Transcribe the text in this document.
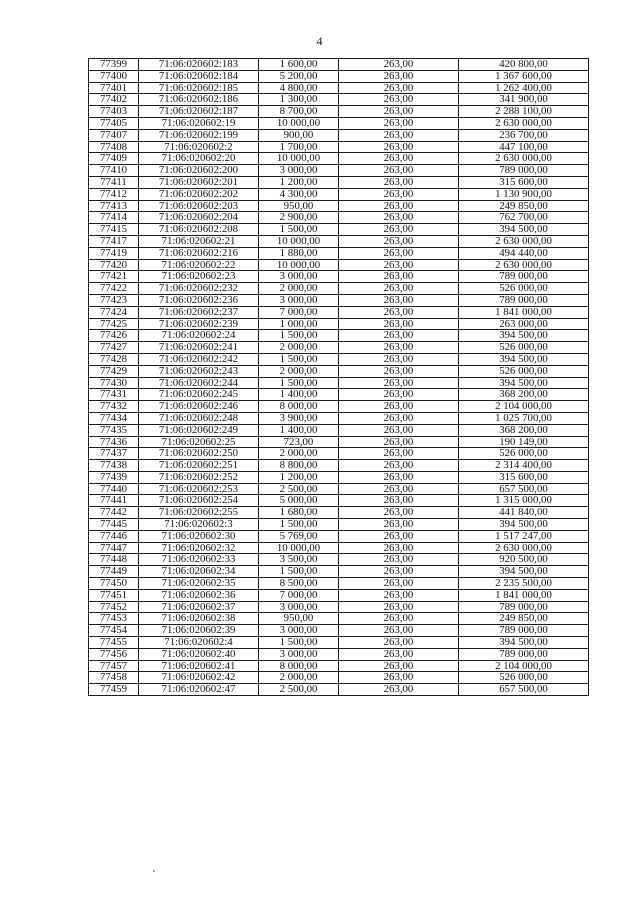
4
77399	71:06:020602:183	1 600,00	263,00	420 800,00
77400	71:06:020602:184	5 200,00	263,00	1 367 600,00
77401	71:06:020602:185	4 800,00	263,00	1 262 400,00
77402	71:06:020602:186	1 300,00	263,00	341 900,00
77403	71:06:020602:187	8 700,00	263,00	2 288 100,00
77405	71:06:020602:19	10 000,00	263,00	2 630 000,00
77407	71:06:020602:199	900,00	263,00	236 700,00
77408	71:06:020602:2	1 700,00	263,00	447 100,00
77409	71:06:020602:20	10 000,00	263,00	2 630 000,00
77410	71:06:020602:200	3 000,00	263,00	789 000,00
77411	71:06:020602:201	1 200,00	263,00	315 600,00
77412	71:06:020602:202	4 300,00	263,00	1 130 900,00
77413	71:06:020602:203	950,00	263,00	249 850,00
77414	71:06:020602:204	2 900,00	263,00	762 700,00
77415	71:06:020602:208	1 500,00	263,00	394 500,00
77417	71:06:020602:21	10 000,00	263,00	2 630 000,00
77419	71:06:020602:216	1 880,00	263,00	494 440,00
77420	71:06:020602:22	10 000,00	263,00	2 630 000,00
77421	71:06:020602:23	3 000,00	263,00	789 000,00
77422	71:06:020602:232	2 000,00	263,00	526 000,00
77423	71:06:020602:236	3 000,00	263,00	789 000,00
77424	71:06:020602:237	7 000,00	263,00	1 841 000,00
77425	71:06:020602:239	1 000,00	263,00	263 000,00
77426	71:06:020602:24	1 500,00	263,00	394 500,00
77427	71:06:020602:241	2 000,00	263,00	526 000,00
77428	71:06:020602:242	1 500,00	263,00	394 500,00
77429	71:06:020602:243	2 000,00	263,00	526 000,00
77430	71:06:020602:244	1 500,00	263,00	394 500,00
77431	71:06:020602:245	1 400,00	263,00	368 200,00
77432	71:06:020602:246	8 000,00	263,00	2 104 000,00
77434	71:06:020602:248	3 900,00	263,00	1 025 700,00
77435	71:06:020602:249	1 400,00	263,00	368 200,00
77436	71:06:020602:25	723,00	263,00	190 149,00
77437	71:06:020602:250	2 000,00	263,00	526 000,00
77438	71:06:020602:251	8 800,00	263,00	2 314 400,00
77439	71:06:020602:252	1 200,00	263,00	315 600,00
77440	71:06:020602:253	2 500,00	263,00	657 500,00
77441	71:06:020602:254	5 000,00	263,00	1 315 000,00
77442	71:06:020602:255	1 680,00	263,00	441 840,00
77445	71:06:020602:3	1 500,00	263,00	394 500,00
77446	71:06:020602:30	5 769,00	263,00	1 517 247,00
77447	71:06:020602:32	10 000,00	263,00	2 630 000,00
77448	71:06:020602:33	3 500,00	263,00	920 500,00
77449	71:06:020602:34	1 500,00	263,00	394 500,00
77450	71:06:020602:35	8 500,00	263,00	2 235 500,00
77451	71:06:020602:36	7 000,00	263,00	1 841 000,00
77452	71:06:020602:37	3 000,00	263,00	789 000,00
77453	71:06:020602:38	950,00	263,00	249 850,00
77454	71:06:020602:39	3 000,00	263,00	789 000,00
77455	71:06:020602:4	1 500,00	263,00	394 500,00
77456	71:06:020602:40	3 000,00	263,00	789 000,00
77457	71:06:020602:41	8 000,00	263,00	2 104 000,00
77458	71:06:020602:42	2 000,00	263,00	526 000,00
77459	71:06:020602:47	2 500,00	263,00	657 500,00
